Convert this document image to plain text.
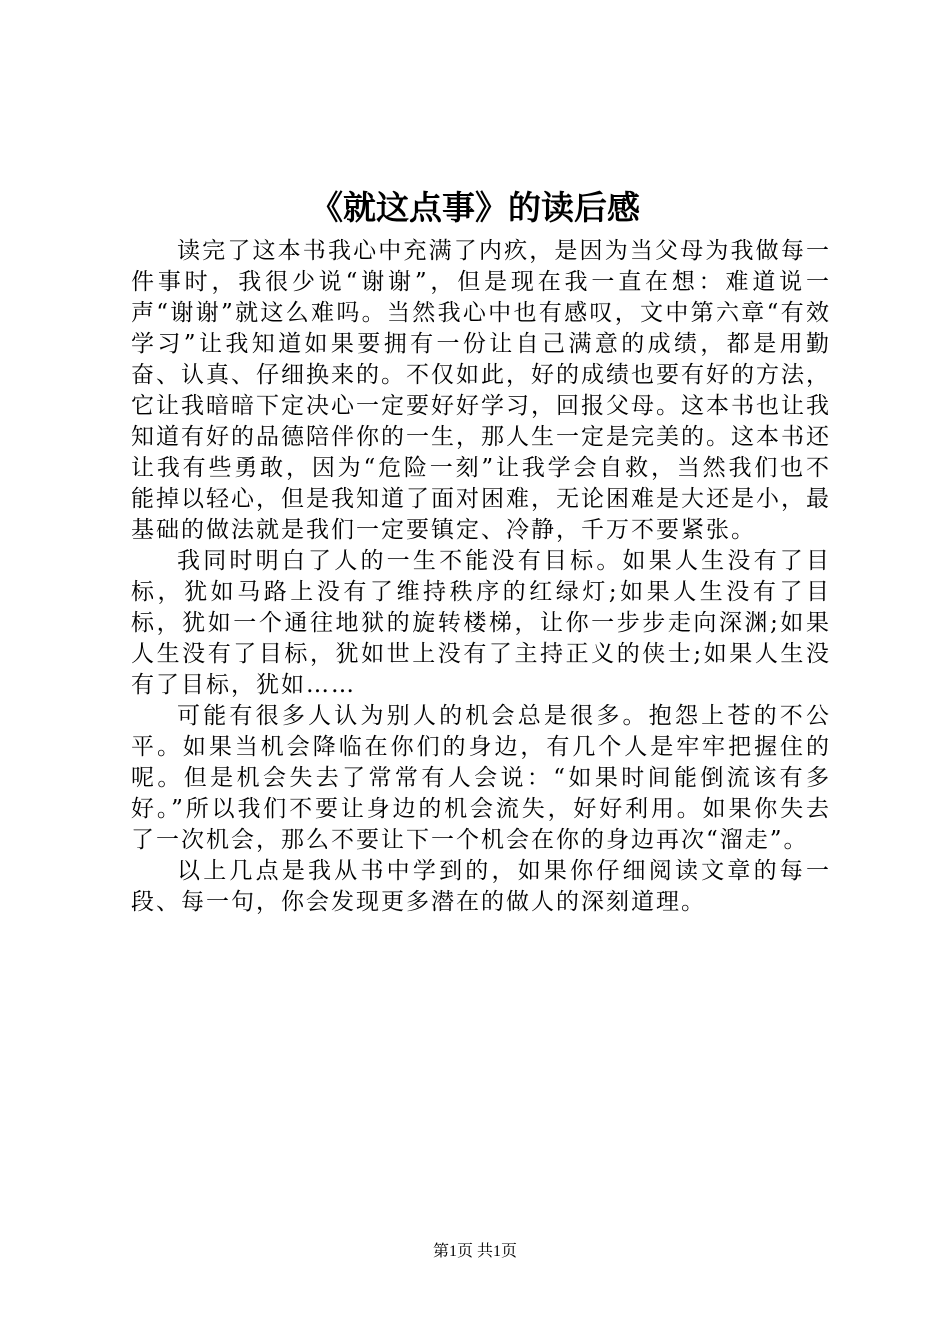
《就这点事》的读后感

读完了这本书我心中充满了内疚，是因为当父母为我做每一件事时，我很少说“谢谢”，但是现在我一直在想：难道说一声“谢谢”就这么难吗。当然我心中也有感叹，文中第六章“有效学习”让我知道如果要拥有一份让自己满意的成绩，都是用勤奋、认真、仔细换来的。不仅如此，好的成绩也要有好的方法，它让我暗暗下定决心一定要好好学习，回报父母。这本书也让我知道有好的品德陪伴你的一生，那人生一定是完美的。这本书还让我有些勇敢，因为“危险一刻”让我学会自救，当然我们也不能掉以轻心，但是我知道了面对困难，无论困难是大还是小，最基础的做法就是我们一定要镇定、冷静，千万不要紧张。

我同时明白了人的一生不能没有目标。如果人生没有了目标，犹如马路上没有了维持秩序的红绿灯;如果人生没有了目标，犹如一个通往地狱的旋转楼梯，让你一步步走向深渊;如果人生没有了目标，犹如世上没有了主持正义的侠士;如果人生没有了目标，犹如……

可能有很多人认为别人的机会总是很多。抱怨上苍的不公平。如果当机会降临在你们的身边，有几个人是牢牢把握住的呢。但是机会失去了常常有人会说：“如果时间能倒流该有多好。”所以我们不要让身边的机会流失，好好利用。如果你失去了一次机会，那么不要让下一个机会在你的身边再次“溜走”。

以上几点是我从书中学到的，如果你仔细阅读文章的每一段、每一句，你会发现更多潜在的做人的深刻道理。

第1页 共1页
